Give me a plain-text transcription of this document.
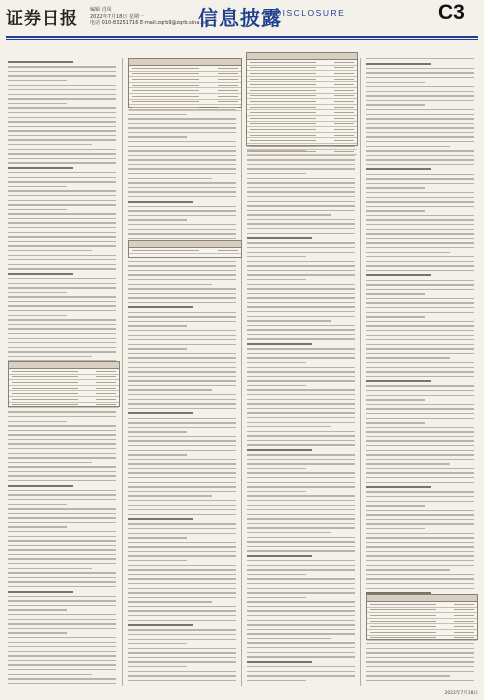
证券日报 编辑 肖凤
2022年7月18日 星期一
电话 010-83251716 E-mail:zqrb9@zqrb.sina.net
信息披露
DISCLOSURE	C3
2022年7月18日
